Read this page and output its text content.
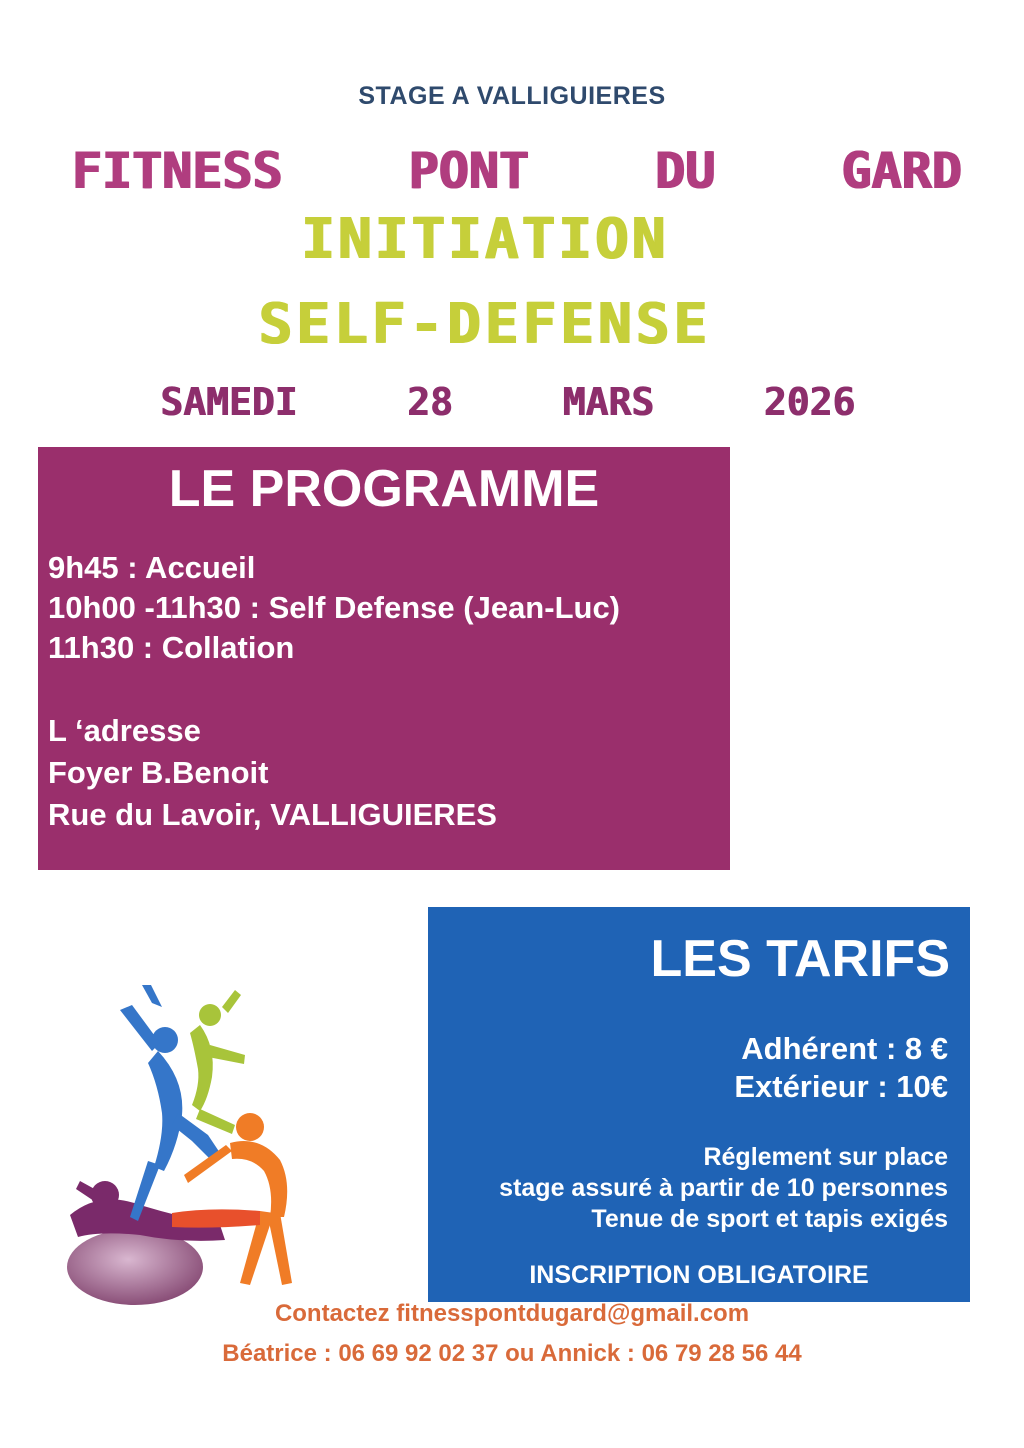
STAGE A VALLIGUIERES
FITNESS	PONT	DU	GARD
INITIATION
SELF-DEFENSE
SAMEDI	28	MARS	2026
LE PROGRAMME
9h45 : Accueil
10h00 -11h30 : Self Defense (Jean-Luc)
11h30 : Collation
L ‘adresse
Foyer B.Benoit
Rue du Lavoir, VALLIGUIERES
LES TARIFS
Adhérent : 8 €
Extérieur : 10€
Réglement sur place
stage assuré à partir de 10 personnes
Tenue de sport et tapis exigés
INSCRIPTION OBLIGATOIRE
Contactez fitnesspontdugard@gmail.com
Béatrice : 06 69 92 02 37 ou Annick : 06 79 28 56 44
